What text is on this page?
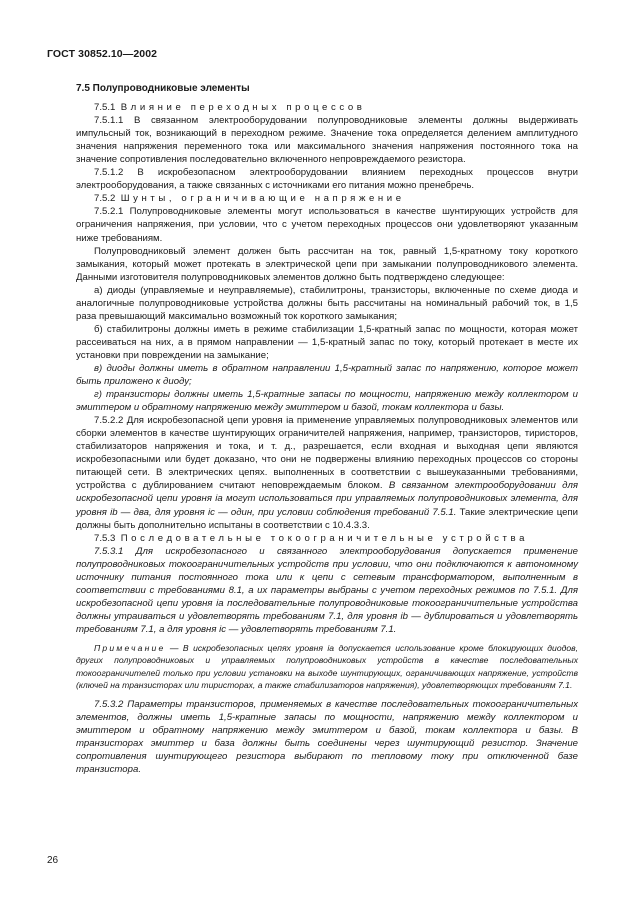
ГОСТ 30852.10—2002

7.5 Полупроводниковые элементы

7.5.1 Влияние переходных процессов

7.5.1.1 В связанном электрооборудовании полупроводниковые элементы должны выдерживать импульсный ток, возникающий в переходном режиме. Значение тока определяется делением амплитудного значения напряжения переменного тока или максимального значения напряжения постоянного тока на значение сопротивления последовательно включенного непровреждаемого резистора.

7.5.1.2 В искробезопасном электрооборудовании влиянием переходных процессов внутри электрооборудования, а также связанных с источниками его питания можно пренебречь.

7.5.2 Шунты, ограничивающие напряжение

7.5.2.1 Полупроводниковые элементы могут использоваться в качестве шунтирующих устройств для ограничения напряжения, при условии, что с учетом переходных процессов они удовлетворяют указанным ниже требованиям.

Полупроводниковый элемент должен быть рассчитан на ток, равный 1,5-кратному току короткого замыкания, который может протекать в электрической цепи при замыкании полупроводникового элемента. Данными изготовителя полупроводниковых элементов должно быть подтверждено следующее:

а) диоды (управляемые и неуправляемые), стабилитроны, транзисторы, включенные по схеме диода и аналогичные полупроводниковые устройства должны быть рассчитаны на номинальный рабочий ток, в 1,5 раза превышающий максимально возможный ток короткого замыкания;

б) стабилитроны должны иметь в режиме стабилизации 1,5-кратный запас по мощности, которая может рассеиваться на них, а в прямом направлении — 1,5-кратный запас по току, который протекает в месте их установки при повреждении на замыкание;

в) диоды должны иметь в обратном направлении 1,5-кратный запас по напряжению, которое может быть приложено к диоду;

г) транзисторы должны иметь 1,5-кратные запасы по мощности, напряжению между коллектором и эмиттером и обратному напряжению между эмиттером и базой, токам коллектора и базы.

7.5.2.2 Для искробезопасной цепи уровня ia применение управляемых полупроводниковых элементов или сборки элементов в качестве шунтирующих ограничителей напряжения, например, транзисторов, тиристоров, стабилизаторов напряжения и тока, и т. д., разрешается, если входная и выходная цепи являются искробезопасными или будет доказано, что они не подвержены влиянию переходных процессов со стороны питающей сети. В электрических цепях. выполненных в соответствии с вышеуказанными требованиями, устройства с дублированием считают неповреждаемым блоком. В связанном электрооборудовании для искробезопасной цепи уровня ia могут использоваться при управляемых полупроводниковых элемента, для уровня ib — два, для уровня ic — один, при условии соблюдения требований 7.5.1. Такие электрические цепи должны быть дополнительно испытаны в соответствии с 10.4.3.3.

7.5.3 Последовательные токоограничительные устройства

7.5.3.1 Для искробезопасного и связанного электрооборудования допускается применение полупроводниковых токоограничительных устройств при условии, что они подключаются к автономному источнику питания постоянного тока или к цепи с сетевым трансформатором, выполненным в соответствии с требованиями 8.1, а их параметры выбраны с учетом переходных режимов по 7.5.1. Для искробезопасной цепи уровня ia последовательные полупроводниковые токоограничительные устройства должны утраиваться и удовлетворять требованиям 7.1, для уровня ib — дублироваться и удовлетворять требованиям 7.1, а для уровня ic — удовлетворять требованиям 7.1.

Примечание — В искробезопасных цепях уровня ia допускается использование кроме блокирующих диодов, других полупроводниковых и управляемых полупроводниковых устройств в качестве последовательных токоограничителей только при условии установки на выходе шунтирующих, ограничивающих напряжение, устройств (ключей на транзисторах или тиристорах, а также стабилизаторов напряжения), удовлетворяющих требованиям 7.1.

7.5.3.2 Параметры транзисторов, применяемых в качестве последовательных токоограничительных элементов, должны иметь 1,5-кратные запасы по мощности, напряжению между коллектором и эмиттером и обратному напряжению между эмиттером и базой, токам коллектора и базы. В транзисторах эмиттер и база должны быть соединены через шунтирующий резистор. Значение сопротивления шунтирующего резистора выбирают по тепловому току при отключенной базе транзистора.

26
